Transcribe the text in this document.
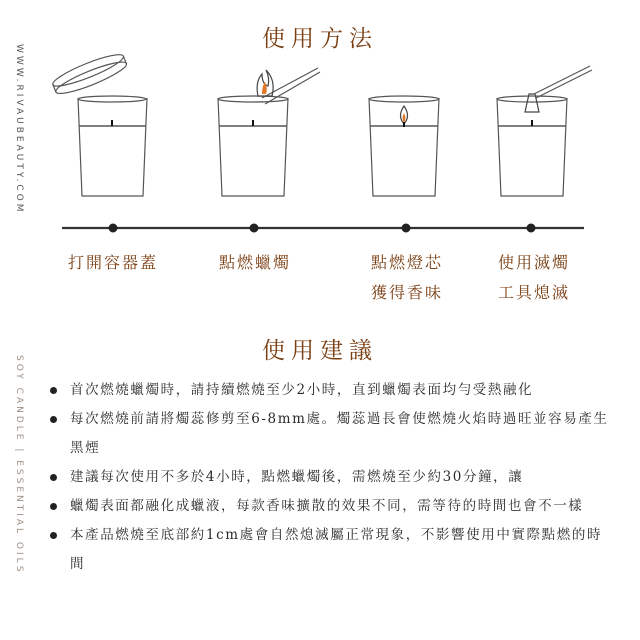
WWW.RIVAUBEAUTY.COM
SOY CANDLE | ESSENTIAL OILS
使用方法
打開容器蓋	點燃蠟燭	點燃燈芯
獲得香味
使用滅燭
工具熄滅
使用建議
首次燃燒蠟燭時，請持續燃燒至少2小時，直到蠟燭表面均勻受熱融化
每次燃燒前請將燭蕊修剪至6-8mm處。燭蕊過長會使燃燒火焰時過旺並容易產生黑煙
建議每次使用不多於4小時，點燃蠟燭後，需燃燒至少約30分鐘，讓
蠟燭表面都融化成蠟液，每款香味擴散的效果不同，需等待的時間也會不一樣
本產品燃燒至底部約1cm處會自然熄滅屬正常現象，不影響使用中實際點燃的時間
